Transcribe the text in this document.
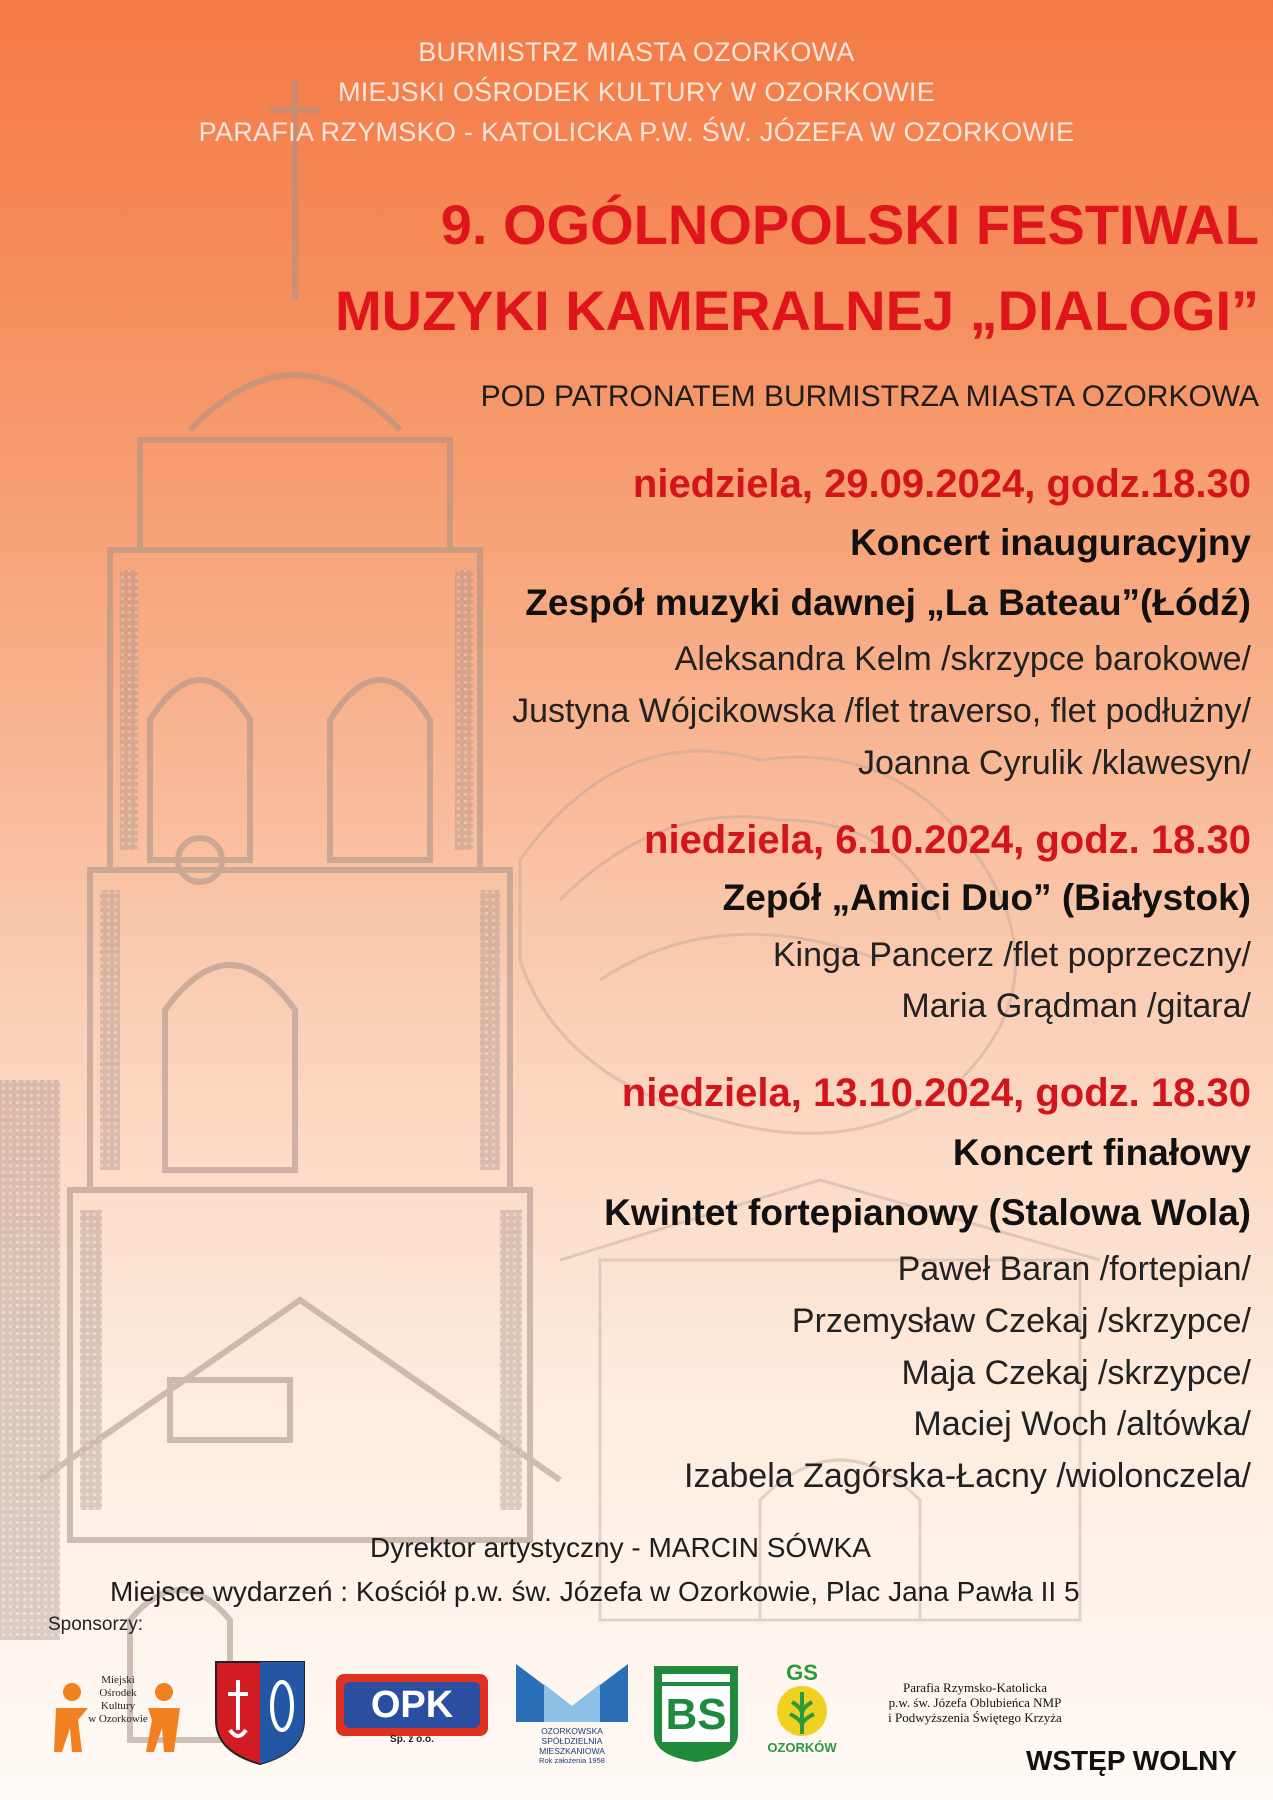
BURMISTRZ MIASTA OZORKOWA
MIEJSKI OŚRODEK KULTURY W OZORKOWIE
PARAFIA RZYMSKO - KATOLICKA P.W. ŚW. JÓZEFA W OZORKOWIE
9. OGÓLNOPOLSKI FESTIWAL
MUZYKI KAMERALNEJ „DIALOGI”
POD PATRONATEM BURMISTRZA MIASTA OZORKOWA
niedziela, 29.09.2024, godz.18.30
Koncert inauguracyjny
Zespół muzyki dawnej „La Bateau”(Łódź)
Aleksandra Kelm /skrzypce barokowe/
Justyna Wójcikowska /flet traverso, flet podłużny/
Joanna Cyrulik /klawesyn/
niedziela, 6.10.2024, godz. 18.30
Zepół „Amici Duo” (Białystok)
Kinga Pancerz /flet poprzeczny/
Maria Grądman /gitara/
niedziela, 13.10.2024, godz. 18.30
Koncert finałowy
Kwintet fortepianowy (Stalowa Wola)
Paweł Baran /fortepian/
Przemysław Czekaj /skrzypce/
Maja Czekaj /skrzypce/
Maciej Woch /altówka/
Izabela Zagórska-Łacny /wiolonczela/
Dyrektor artystyczny - MARCIN SÓWKA
Miejsce wydarzeń : Kościół p.w. św. Józefa w Ozorkowie, Plac Jana Pawła II 5
Sponsorzy:
Miejski
Ośrodek
Kultury
w Ozorkowie	OPK
Sp. z o.o.
OZORKOWSKA
SPÓŁDZIELNIA
MIESZKANIOWA
Rok założenia 1958
BS
GS
OZORKÓW
Parafia Rzymsko-Katolicka
p.w. św. Józefa Oblubieńca NMP
i Podwyższenia Świętego Krzyża
WSTĘP WOLNY
